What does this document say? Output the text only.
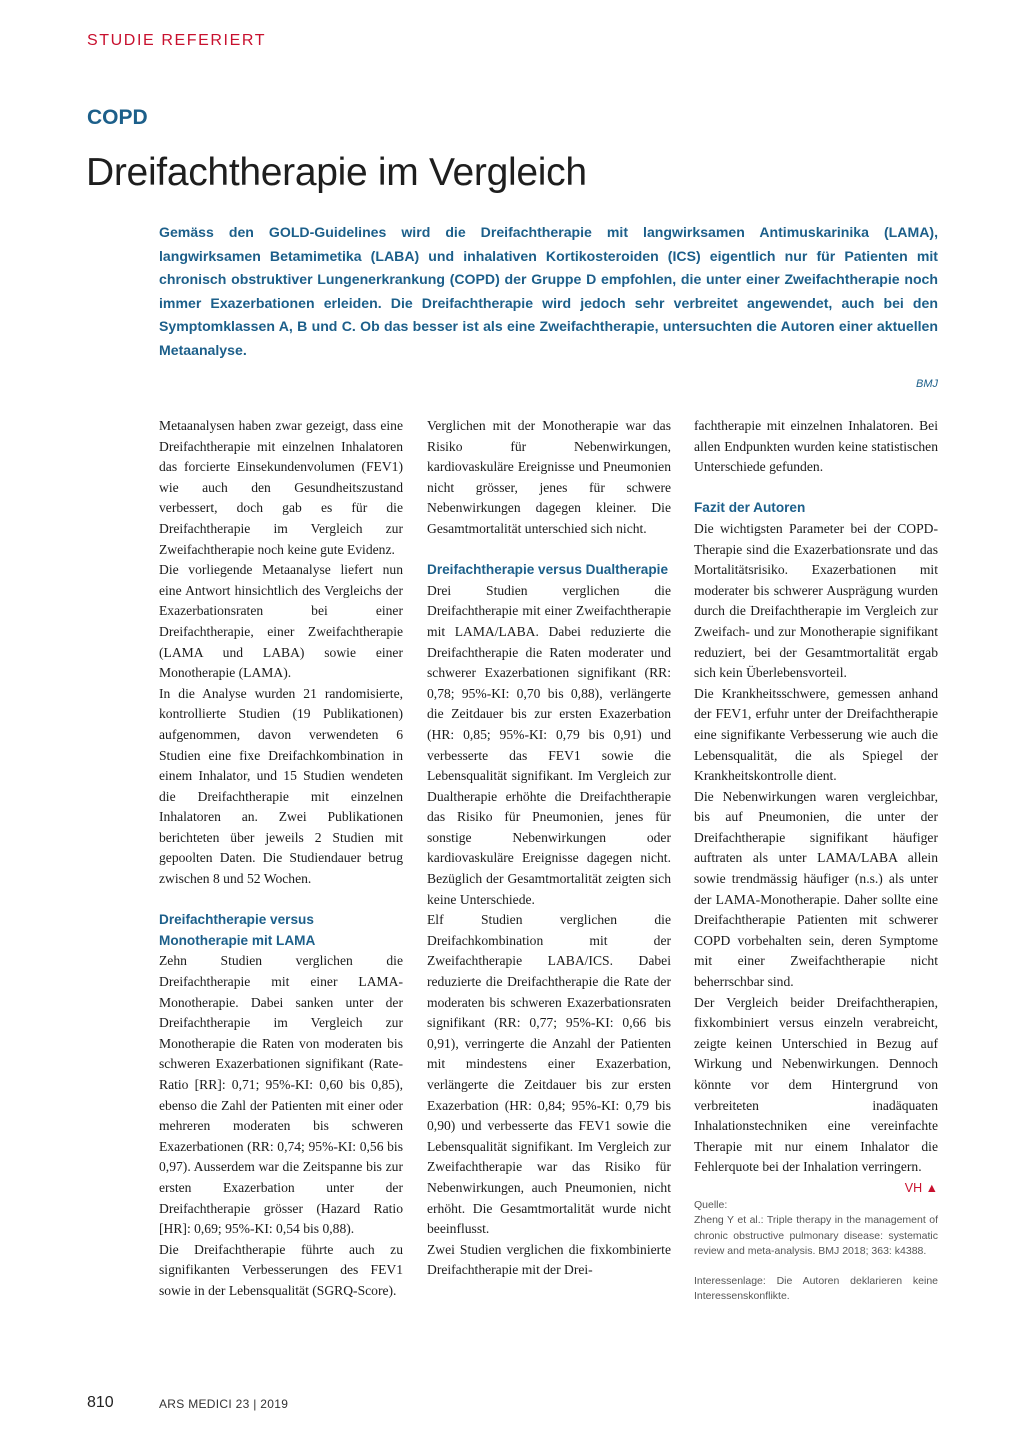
STUDIE REFERIERT
COPD
Dreifachtherapie im Vergleich

Gemäss den GOLD-Guidelines wird die Dreifachtherapie mit langwirksamen Antimuskarinika (LAMA), langwirksamen Betamimetika (LABA) und inhalativen Kortikosteroiden (ICS) eigentlich nur für Patienten mit chronisch obstruktiver Lungenerkrankung (COPD) der Gruppe D empfohlen, die unter einer Zweifachtherapie noch immer Exazerbationen erleiden. Die Dreifachtherapie wird jedoch sehr verbreitet angewendet, auch bei den Symptomklassen A, B und C. Ob das besser ist als eine Zweifachtherapie, untersuchten die Autoren einer aktuellen Metaanalyse.

BMJ

Metaanalysen haben zwar gezeigt, dass eine Dreifachtherapie mit einzelnen Inhalatoren das forcierte Einsekundenvolumen (FEV1) wie auch den Gesundheitszustand verbessert, doch gab es für die Dreifachtherapie im Vergleich zur Zweifachtherapie noch keine gute Evidenz.

Die vorliegende Metaanalyse liefert nun eine Antwort hinsichtlich des Vergleichs der Exazerbationsraten bei einer Dreifachtherapie, einer Zweifachtherapie (LAMA und LABA) sowie einer Monotherapie (LAMA).

In die Analyse wurden 21 randomisierte, kontrollierte Studien (19 Publikationen) aufgenommen, davon verwendeten 6 Studien eine fixe Dreifachkombination in einem Inhalator, und 15 Studien wendeten die Dreifachtherapie mit einzelnen Inhalatoren an. Zwei Publikationen berichteten über jeweils 2 Studien mit gepoolten Daten. Die Studiendauer betrug zwischen 8 und 52 Wochen.

Dreifachtherapie versus Monotherapie mit LAMA

Zehn Studien verglichen die Dreifachtherapie mit einer LAMA-Monotherapie. Dabei sanken unter der Dreifachtherapie im Vergleich zur Monotherapie die Raten von moderaten bis schweren Exazerbationen signifikant (Rate-Ratio [RR]: 0,71; 95%-KI: 0,60 bis 0,85), ebenso die Zahl der Patienten mit einer oder mehreren moderaten bis schweren Exazerbationen (RR: 0,74; 95%-KI: 0,56 bis 0,97). Ausserdem war die Zeitspanne bis zur ersten Exazerbation unter der Dreifachtherapie grösser (Hazard Ratio [HR]: 0,69; 95%-KI: 0,54 bis 0,88).

Die Dreifachtherapie führte auch zu signifikanten Verbesserungen des FEV1 sowie in der Lebensqualität (SGRQ-Score).

Verglichen mit der Monotherapie war das Risiko für Nebenwirkungen, kardiovaskuläre Ereignisse und Pneumonien nicht grösser, jenes für schwere Nebenwirkungen dagegen kleiner. Die Gesamtmortalität unterschied sich nicht.

Dreifachtherapie versus Dualtherapie

Drei Studien verglichen die Dreifachtherapie mit einer Zweifachtherapie mit LAMA/LABA. Dabei reduzierte die Dreifachtherapie die Raten moderater und schwerer Exazerbationen signifikant (RR: 0,78; 95%-KI: 0,70 bis 0,88), verlängerte die Zeitdauer bis zur ersten Exazerbation (HR: 0,85; 95%-KI: 0,79 bis 0,91) und verbesserte das FEV1 sowie die Lebensqualität signifikant. Im Vergleich zur Dualtherapie erhöhte die Dreifachtherapie das Risiko für Pneumonien, jenes für sonstige Nebenwirkungen oder kardiovaskuläre Ereignisse dagegen nicht. Bezüglich der Gesamtmortalität zeigten sich keine Unterschiede.

Elf Studien verglichen die Dreifachkombination mit der Zweifachtherapie LABA/ICS. Dabei reduzierte die Dreifachtherapie die Rate der moderaten bis schweren Exazerbationsraten signifikant (RR: 0,77; 95%-KI: 0,66 bis 0,91), verringerte die Anzahl der Patienten mit mindestens einer Exazerbation, verlängerte die Zeitdauer bis zur ersten Exazerbation (HR: 0,84; 95%-KI: 0,79 bis 0,90) und verbesserte das FEV1 sowie die Lebensqualität signifikant. Im Vergleich zur Zweifachtherapie war das Risiko für Nebenwirkungen, auch Pneumonien, nicht erhöht. Die Gesamtmortalität wurde nicht beeinflusst.

Zwei Studien verglichen die fixkombinierte Dreifachtherapie mit der Drei-

fachtherapie mit einzelnen Inhalatoren. Bei allen Endpunkten wurden keine statistischen Unterschiede gefunden.

Fazit der Autoren

Die wichtigsten Parameter bei der COPD-Therapie sind die Exazerbationsrate und das Mortalitätsrisiko. Exazerbationen mit moderater bis schwerer Ausprägung wurden durch die Dreifachtherapie im Vergleich zur Zweifach- und zur Monotherapie signifikant reduziert, bei der Gesamtmortalität ergab sich kein Überlebensvorteil.

Die Krankheitsschwere, gemessen anhand der FEV1, erfuhr unter der Dreifachtherapie eine signifikante Verbesserung wie auch die Lebensqualität, die als Spiegel der Krankheitskontrolle dient.

Die Nebenwirkungen waren vergleichbar, bis auf Pneumonien, die unter der Dreifachtherapie signifikant häufiger auftraten als unter LAMA/LABA allein sowie trendmässig häufiger (n.s.) als unter der LAMA-Monotherapie. Daher sollte eine Dreifachtherapie Patienten mit schwerer COPD vorbehalten sein, deren Symptome mit einer Zweifachtherapie nicht beherrschbar sind.

Der Vergleich beider Dreifachtherapien, fixkombiniert versus einzeln verabreicht, zeigte keinen Unterschied in Bezug auf Wirkung und Nebenwirkungen. Dennoch könnte vor dem Hintergrund von verbreiteten inadäquaten Inhalationstechniken eine vereinfachte Therapie mit nur einem Inhalator die Fehlerquote bei der Inhalation verringern.
VH ▲

Quelle:

Zheng Y et al.: Triple therapy in the management of chronic obstructive pulmonary disease: systematic review and meta-analysis. BMJ 2018; 363: k4388.

Interessenlage: Die Autoren deklarieren keine Interessenskonflikte.

810	ARS MEDICI 23 | 2019
